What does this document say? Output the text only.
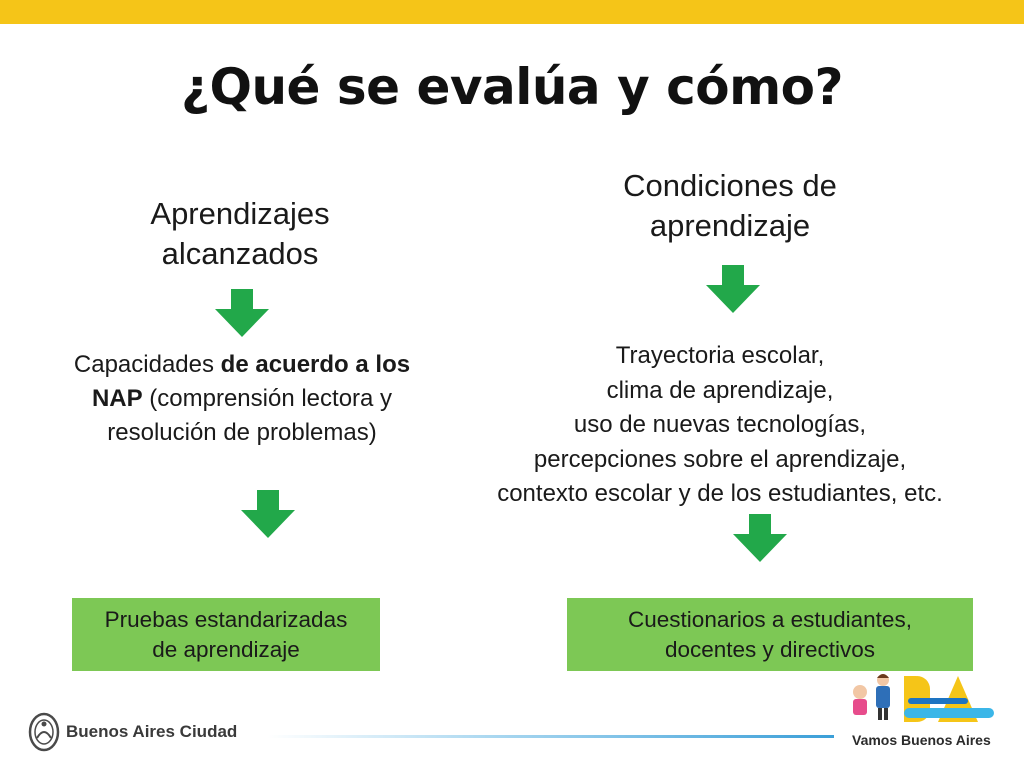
¿Qué se evalúa y cómo?
Aprendizajes
alcanzados
Capacidades de acuerdo a los NAP (comprensión lectora y resolución de problemas)
Pruebas estandarizadas
de aprendizaje
Condiciones de
aprendizaje
Trayectoria escolar,
clima de aprendizaje,
uso de nuevas tecnologías,
percepciones sobre el aprendizaje,
contexto escolar y de los estudiantes, etc.
Cuestionarios a estudiantes,
docentes y directivos
Buenos Aires Ciudad	Vamos Buenos Aires
